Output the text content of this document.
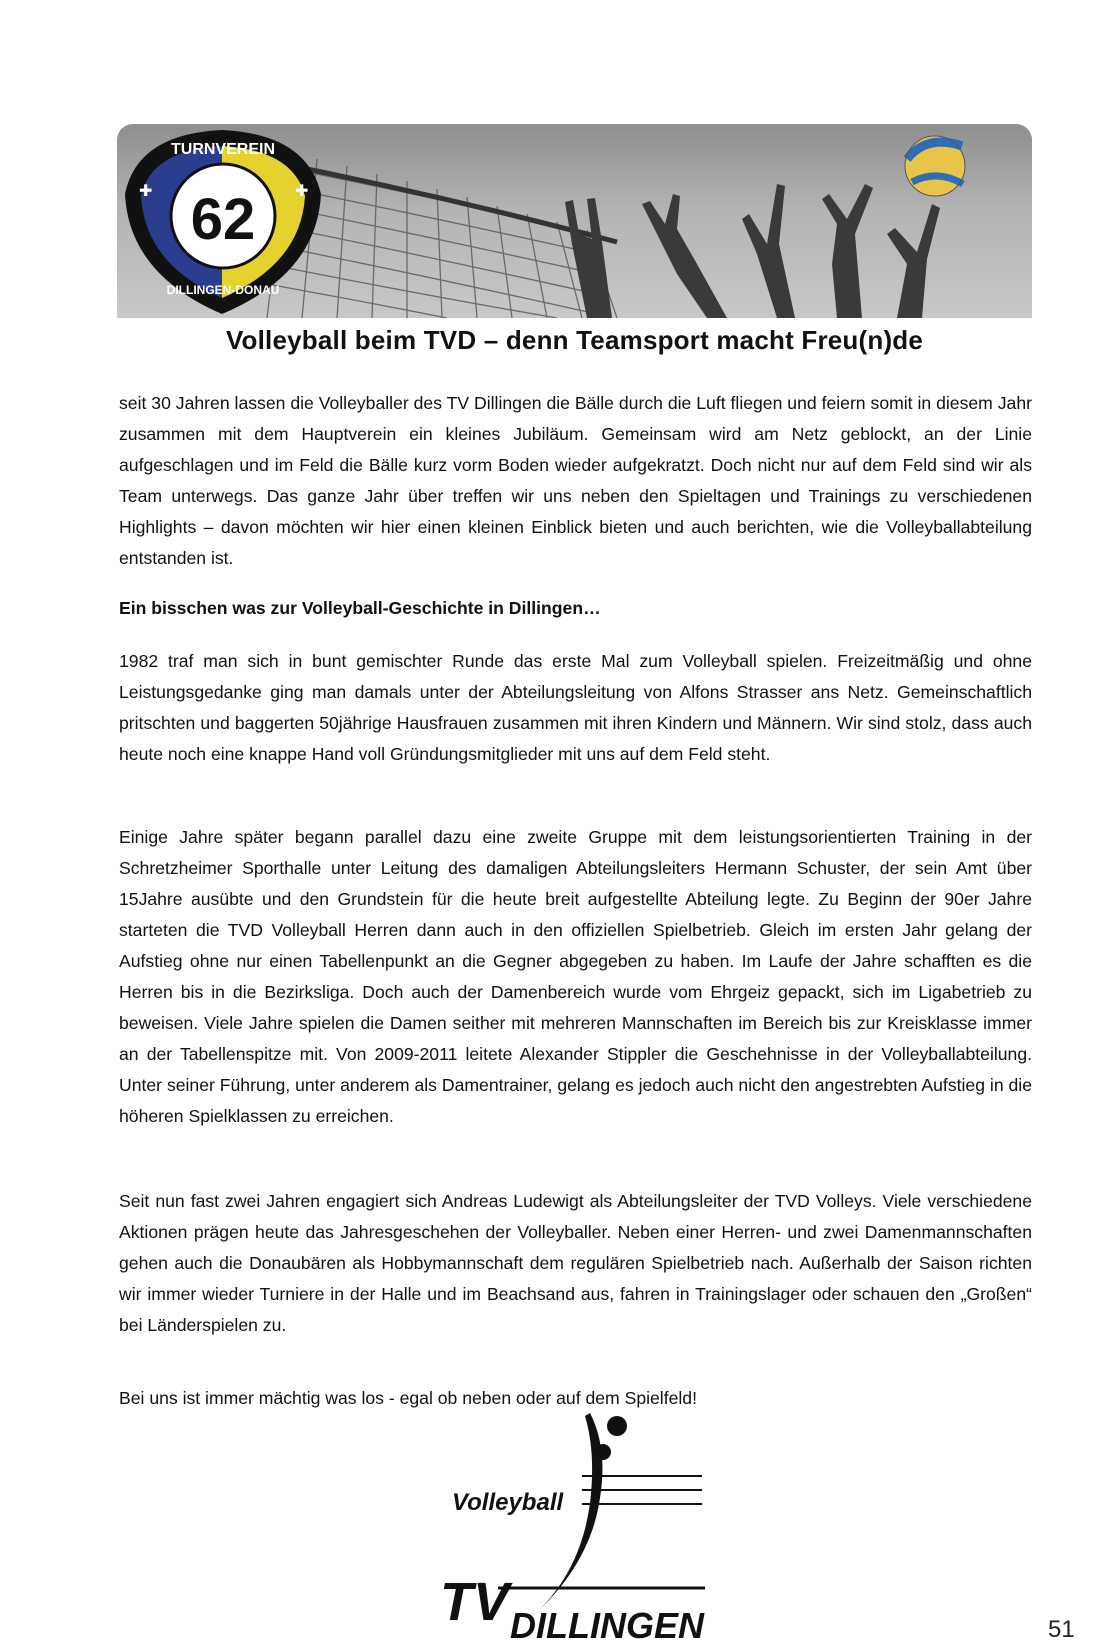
62
TURNVEREIN
DILLINGEN-DONAU
✚	✚
Volleyball beim TVD – denn Teamsport macht Freu(n)de

seit 30 Jahren lassen die Volleyballer des TV Dillingen die Bälle durch die Luft fliegen und feiern somit in diesem Jahr zusammen mit dem Hauptverein ein kleines Jubiläum. Gemeinsam wird am Netz geblockt, an der Linie aufgeschlagen und im Feld die Bälle kurz vorm Boden wieder aufgekratzt. Doch nicht nur auf dem Feld sind wir als Team unterwegs. Das ganze Jahr über treffen wir uns neben den Spieltagen und Trainings zu verschiedenen Highlights – davon möchten wir hier einen kleinen Einblick bieten und auch berichten, wie die Volleyballabteilung entstanden ist.

Ein bisschen was zur Volleyball-Geschichte in Dillingen…

1982 traf man sich in bunt gemischter Runde das erste Mal zum Volleyball spielen. Freizeitmäßig und ohne Leistungsgedanke ging man damals unter der Abteilungsleitung von Alfons Strasser ans Netz. Gemeinschaftlich pritschten und baggerten 50jährige Hausfrauen zusammen mit ihren Kindern und Männern. Wir sind stolz, dass auch heute noch eine knappe Hand voll Gründungsmitglieder mit uns auf dem Feld steht.

Einige Jahre später begann parallel dazu eine zweite Gruppe mit dem leistungsorientierten Training in der Schretzheimer Sporthalle unter Leitung des damaligen Abteilungsleiters Hermann Schuster, der sein Amt über 15Jahre ausübte und den Grundstein für die heute breit aufgestellte Abteilung legte. Zu Beginn der 90er Jahre starteten die TVD Volleyball Herren dann auch in den offiziellen Spielbetrieb. Gleich im ersten Jahr gelang der Aufstieg ohne nur einen Tabellenpunkt an die Gegner abgegeben zu haben. Im Laufe der Jahre schafften es die Herren bis in die Bezirksliga. Doch auch der Damenbereich wurde vom Ehrgeiz gepackt, sich im Ligabetrieb zu beweisen. Viele Jahre spielen die Damen seither mit mehreren Mannschaften im Bereich bis zur Kreisklasse immer an der Tabellenspitze mit. Von 2009-2011 leitete Alexander Stippler die Geschehnisse in der Volleyballabteilung. Unter seiner Führung, unter anderem als Damentrainer, gelang es jedoch auch nicht den angestrebten Aufstieg in die höheren Spielklassen zu erreichen.

Seit nun fast zwei Jahren engagiert sich Andreas Ludewigt als Abteilungsleiter der TVD Volleys. Viele verschiedene Aktionen prägen heute das Jahresgeschehen der Volleyballer. Neben einer Herren- und zwei Damenmannschaften gehen auch die Donaubären als Hobbymannschaft dem regulären Spielbetrieb nach. Außerhalb der Saison richten wir immer wieder Turniere in der Halle und im Beachsand aus, fahren in Trainingslager oder schauen den „Großen“ bei Länderspielen zu.

Bei uns ist immer mächtig was los - egal ob neben oder auf dem Spielfeld!

Volleyball
TV DILLINGEN	51
